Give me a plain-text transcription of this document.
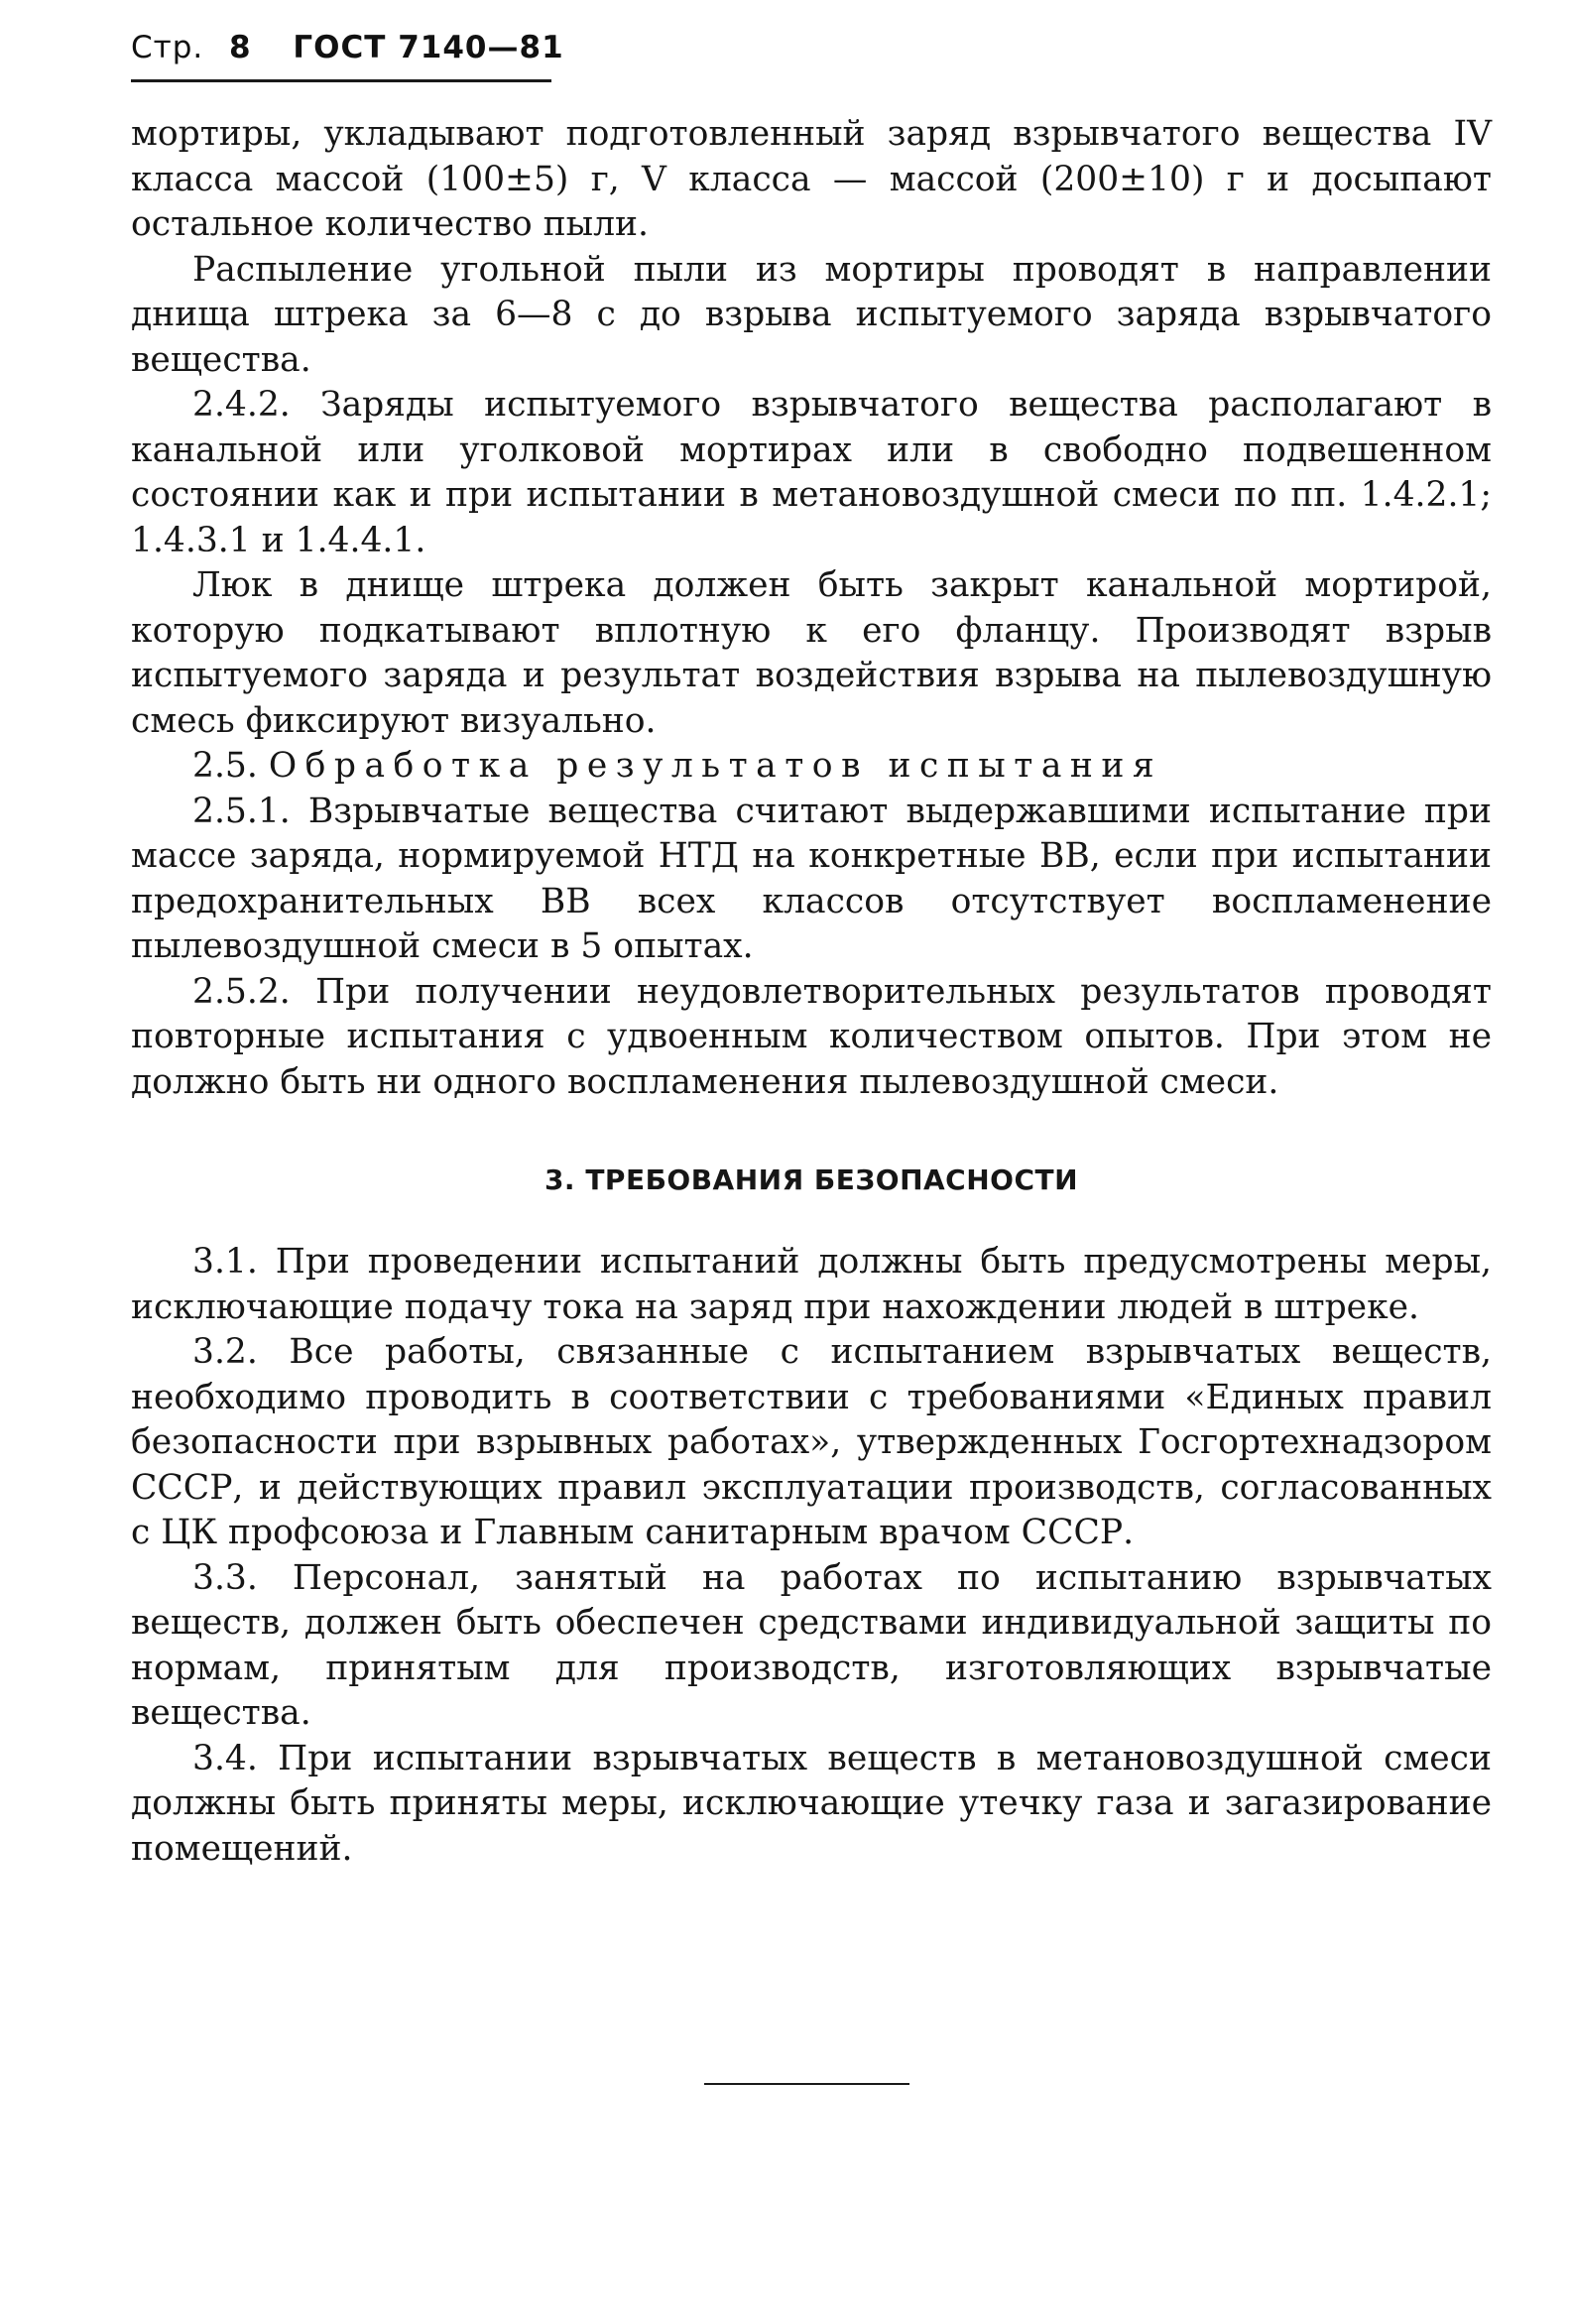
Стр. 8 ГОСТ 7140—81

мортиры, укладывают подготовленный заряд взрывчатого вещества IV класса массой (100±5) г, V класса — массой (200±10) г и досыпают остальное количество пыли.

Распыление угольной пыли из мортиры проводят в направлении днища штрека за 6—8 с до взрыва испытуемого заряда взрывчатого вещества.

2.4.2. Заряды испытуемого взрывчатого вещества располагают в канальной или уголковой мортирах или в свободно подвешенном состоянии как и при испытании в метановоздушной смеси по пп. 1.4.2.1; 1.4.3.1 и 1.4.4.1.

Люк в днище штрека должен быть закрыт канальной мортирой, которую подкатывают вплотную к его фланцу. Производят взрыв испытуемого заряда и результат воздействия взрыва на пылевоздушную смесь фиксируют визуально.

2.5. Обработка результатов испытания

2.5.1. Взрывчатые вещества считают выдержавшими испытание при массе заряда, нормируемой НТД на конкретные ВВ, если при испытании предохранительных ВВ всех классов отсутствует воспламенение пылевоздушной смеси в 5 опытах.

2.5.2. При получении неудовлетворительных результатов проводят повторные испытания с удвоенным количеством опытов. При этом не должно быть ни одного воспламенения пылевоздушной смеси.

3. ТРЕБОВАНИЯ БЕЗОПАСНОСТИ

3.1. При проведении испытаний должны быть предусмотрены меры, исключающие подачу тока на заряд при нахождении людей в штреке.

3.2. Все работы, связанные с испытанием взрывчатых веществ, необходимо проводить в соответствии с требованиями «Единых правил безопасности при взрывных работах», утвержденных Госгортехнадзором СССР, и действующих правил эксплуатации производств, согласованных с ЦК профсоюза и Главным санитарным врачом СССР.

3.3. Персонал, занятый на работах по испытанию взрывчатых веществ, должен быть обеспечен средствами индивидуальной защиты по нормам, принятым для производств, изготовляющих взрывчатые вещества.

3.4. При испытании взрывчатых веществ в метановоздушной смеси должны быть приняты меры, исключающие утечку газа и загазирование помещений.
